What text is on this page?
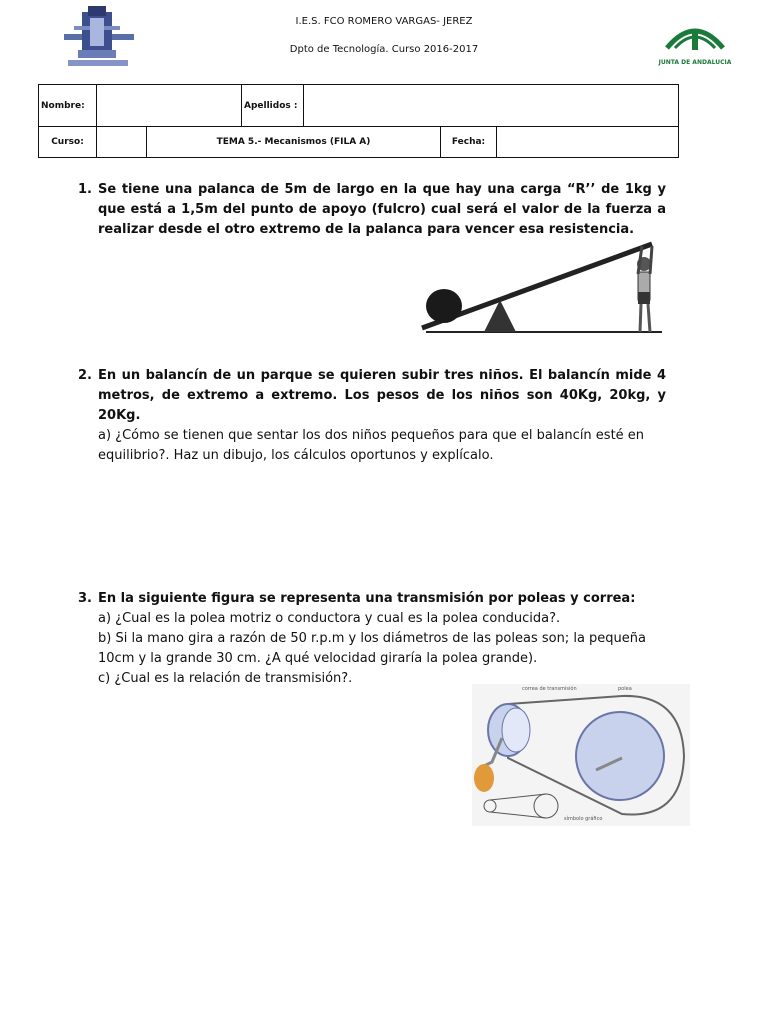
I.E.S. FCO ROMERO VARGAS- JEREZ
Dpto de Tecnología. Curso 2016-2017
JUNTA DE ANDALUCIA
Nombre:			Apellidos :			
Curso:		TEMA 5.- Mecanismos (FILA A)			Fecha:	
1. Se tiene una palanca de 5m de largo en la que hay una carga “R’’ de 1kg y que está a 1,5m del punto de apoyo (fulcro) cual será el valor de la fuerza a realizar desde el otro extremo de la palanca para vencer esa resistencia.
2. En un balancín de un parque se quieren subir tres niños. El balancín mide 4 metros, de extremo a extremo. Los pesos de los niños son 40Kg, 20kg, y 20Kg.
a) ¿Cómo se tienen que sentar los dos niños pequeños para que el balancín esté en equilibrio?. Haz un dibujo, los cálculos oportunos y explícalo.
3. En la siguiente figura se representa una transmisión por poleas y correa:
a) ¿Cual es la polea motriz o conductora y cual es la polea conducida?.
b) Si la mano gira a razón de 50 r.p.m y los diámetros de las poleas son; la pequeña 10cm y la grande 30 cm. ¿A qué velocidad giraría la polea grande).
c) ¿Cual es la relación de transmisión?.
correa de transmisión	polea
símbolo gráfico
